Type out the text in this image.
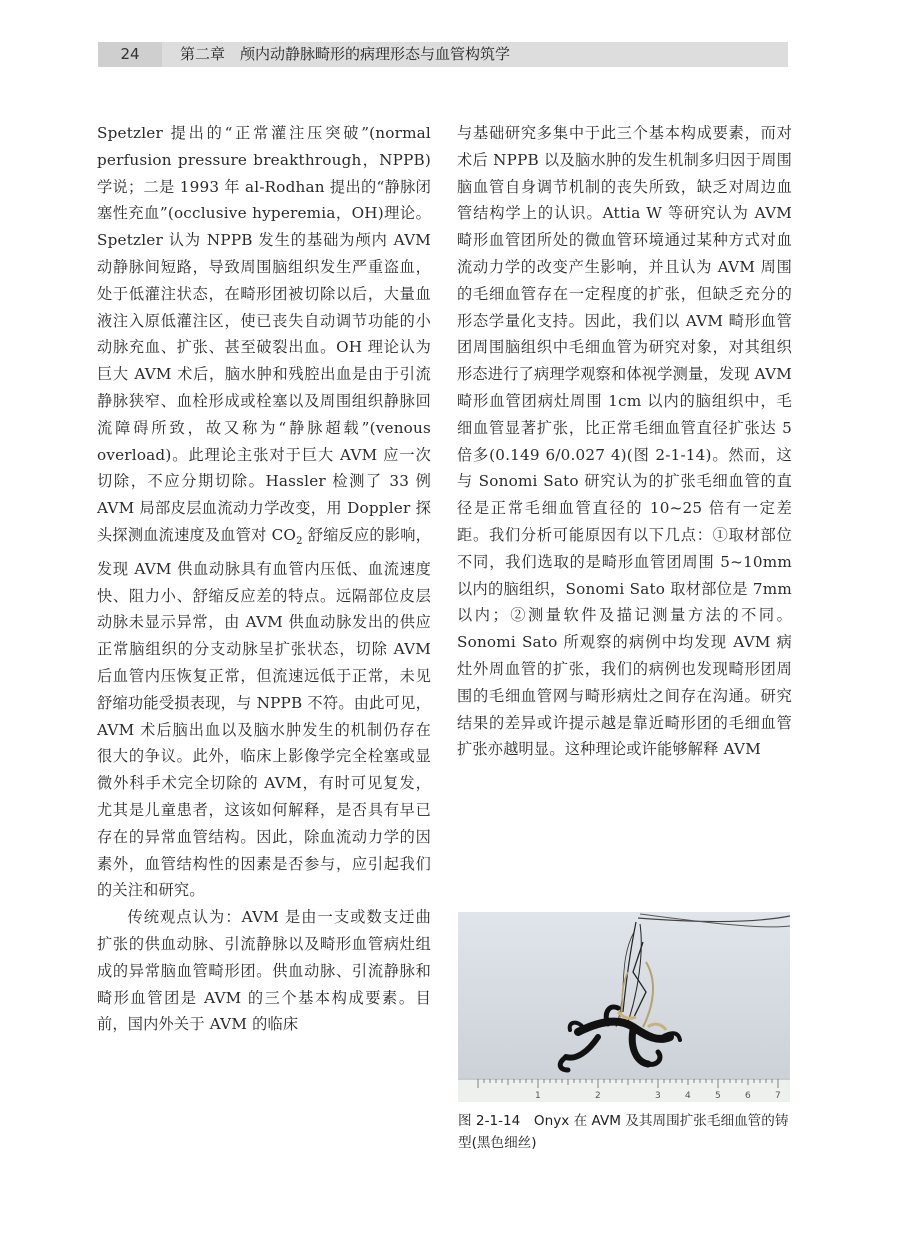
24	第二章　颅内动静脉畸形的病理形态与血管构筑学

Spetzler 提出的“正常灌注压突破”(normal perfusion pressure breakthrough，NPPB)学说；二是 1993 年 al-Rodhan 提出的“静脉闭塞性充血”(occlusive hyperemia，OH)理论。Spetzler 认为 NPPB 发生的基础为颅内 AVM 动静脉间短路，导致周围脑组织发生严重盗血，处于低灌注状态，在畸形团被切除以后，大量血液注入原低灌注区，使已丧失自动调节功能的小动脉充血、扩张、甚至破裂出血。OH 理论认为巨大 AVM 术后，脑水肿和残腔出血是由于引流静脉狭窄、血栓形成或栓塞以及周围组织静脉回流障碍所致，故又称为“静脉超载”(venous overload)。此理论主张对于巨大 AVM 应一次切除，不应分期切除。Hassler 检测了 33 例 AVM 局部皮层血流动力学改变，用 Doppler 探头探测血流速度及血管对 $CO_2$ 舒缩反应的影响，发现 AVM 供血动脉具有血管内压低、血流速度快、阻力小、舒缩反应差的特点。远隔部位皮层动脉未显示异常，由 AVM 供血动脉发出的供应正常脑组织的分支动脉呈扩张状态，切除 AVM 后血管内压恢复正常，但流速远低于正常，未见舒缩功能受损表现，与 NPPB 不符。由此可见，AVM 术后脑出血以及脑水肿发生的机制仍存在很大的争议。此外，临床上影像学完全栓塞或显微外科手术完全切除的 AVM，有时可见复发，尤其是儿童患者，这该如何解释，是否具有早已存在的异常血管结构。因此，除血流动力学的因素外，血管结构性的因素是否参与，应引起我们的关注和研究。

传统观点认为：AVM 是由一支或数支迂曲扩张的供血动脉、引流静脉以及畸形血管病灶组成的异常脑血管畸形团。供血动脉、引流静脉和畸形血管团是 AVM 的三个基本构成要素。目前，国内外关于 AVM 的临床

与基础研究多集中于此三个基本构成要素，而对术后 NPPB 以及脑水肿的发生机制多归因于周围脑血管自身调节机制的丧失所致，缺乏对周边血管结构学上的认识。Attia W 等研究认为 AVM 畸形血管团所处的微血管环境通过某种方式对血流动力学的改变产生影响，并且认为 AVM 周围的毛细血管存在一定程度的扩张，但缺乏充分的形态学量化支持。因此，我们以 AVM 畸形血管团周围脑组织中毛细血管为研究对象，对其组织形态进行了病理学观察和体视学测量，发现 AVM 畸形血管团病灶周围 1cm 以内的脑组织中，毛细血管显著扩张，比正常毛细血管直径扩张达 5 倍多(0.149 6/0.027 4)(图 2-1-14)。然而，这与 Sonomi Sato 研究认为的扩张毛细血管的直径是正常毛细血管直径的 10~25 倍有一定差距。我们分析可能原因有以下几点：①取材部位不同，我们选取的是畸形血管团周围 5~10mm 以内的脑组织，Sonomi Sato 取材部位是 7mm 以内；②测量软件及描记测量方法的不同。Sonomi Sato 所观察的病例中均发现 AVM 病灶外周血管的扩张，我们的病例也发现畸形团周围的毛细血管网与畸形病灶之间存在沟通。研究结果的差异或许提示越是靠近畸形团的毛细血管扩张亦越明显。这种理论或许能够解释 AVM

1	2	3	4	5	6	7
图 2-1-14　Onyx 在 AVM 及其周围扩张毛细血管的铸型(黑色细丝)
